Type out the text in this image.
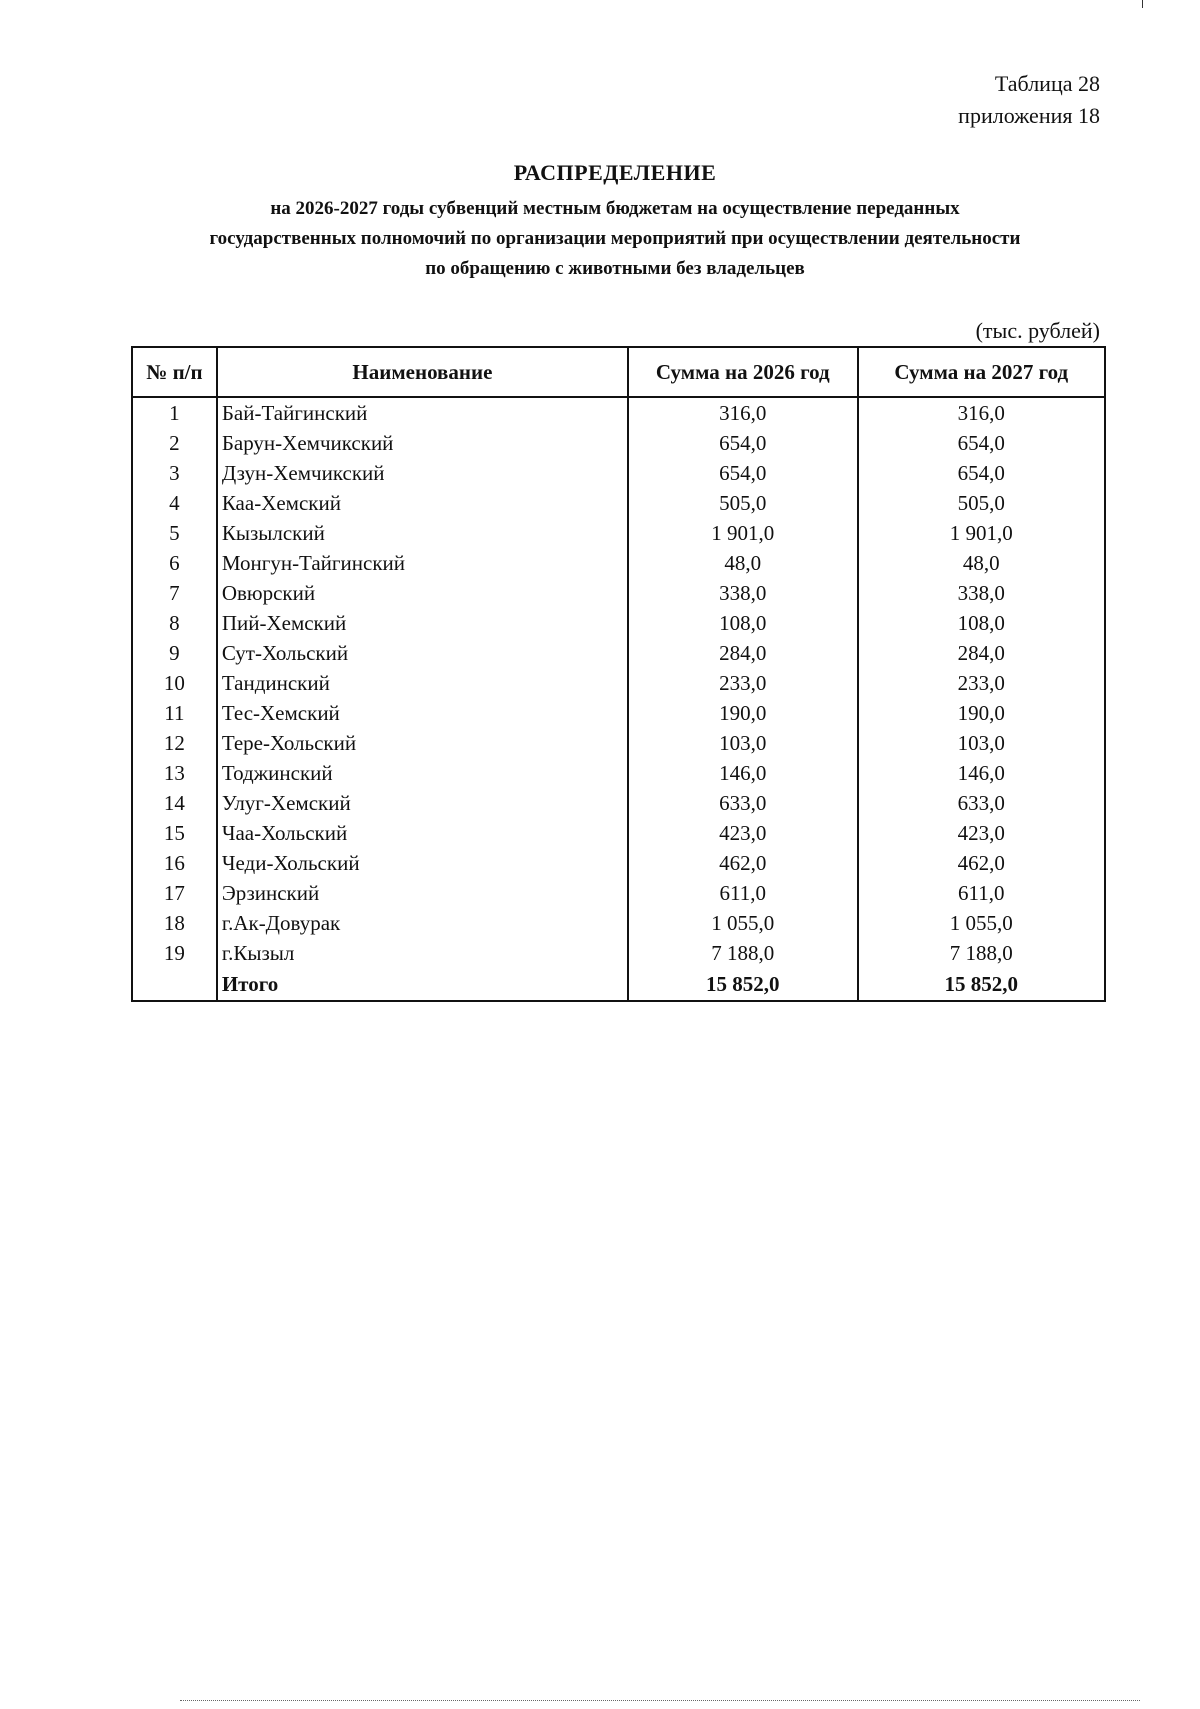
Таблица 28
приложения 18
РАСПРЕДЕЛЕНИЕ
на 2026-2027 годы субвенций местным бюджетам на осуществление переданных
государственных полномочий по организации мероприятий при осуществлении деятельности
по обращению с животными без владельцев
(тыс. рублей)
№ п/п	Наименование	Сумма на 2026 год	Сумма на 2027 год
1	Бай-Тайгинский	316,0	316,0
2	Барун-Хемчикский	654,0	654,0
3	Дзун-Хемчикский	654,0	654,0
4	Каа-Хемский	505,0	505,0
5	Кызылский	1 901,0	1 901,0
6	Монгун-Тайгинский	48,0	48,0
7	Овюрский	338,0	338,0
8	Пий-Хемский	108,0	108,0
9	Сут-Хольский	284,0	284,0
10	Тандинский	233,0	233,0
11	Тес-Хемский	190,0	190,0
12	Тере-Хольский	103,0	103,0
13	Тоджинский	146,0	146,0
14	Улуг-Хемский	633,0	633,0
15	Чаа-Хольский	423,0	423,0
16	Чеди-Хольский	462,0	462,0
17	Эрзинский	611,0	611,0
18	г.Ак-Довурак	1 055,0	1 055,0
19	г.Кызыл	7 188,0	7 188,0
	Итого	15 852,0	15 852,0
